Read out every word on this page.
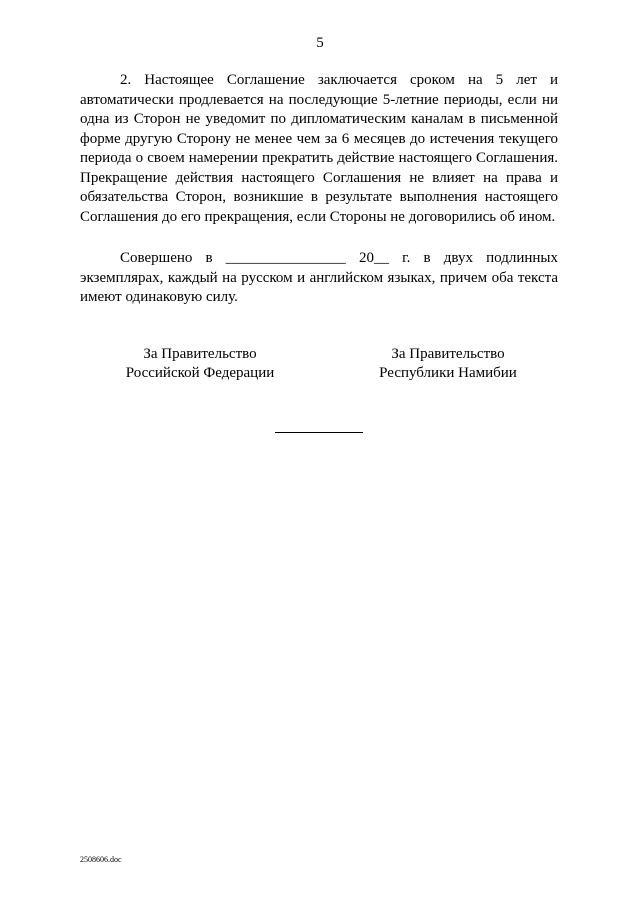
5

2. Настоящее Соглашение заключается сроком на 5 лет и автоматически продлевается на последующие 5-летние периоды, если ни одна из Сторон не уведомит по дипломатическим каналам в письменной форме другую Сторону не менее чем за 6 месяцев до истечения текущего периода о своем намерении прекратить действие настоящего Соглашения. Прекращение действия настоящего Соглашения не влияет на права и обязательства Сторон, возникшие в результате выполнения настоящего Соглашения до его прекращения, если Стороны не договорились об ином.

Совершено в ________________ 20__ г. в двух подлинных экземплярах, каждый на русском и английском языках, причем оба текста имеют одинаковую силу.

За Правительство
Российской Федерации
За Правительство
Республики Намибии
2508606.doc
